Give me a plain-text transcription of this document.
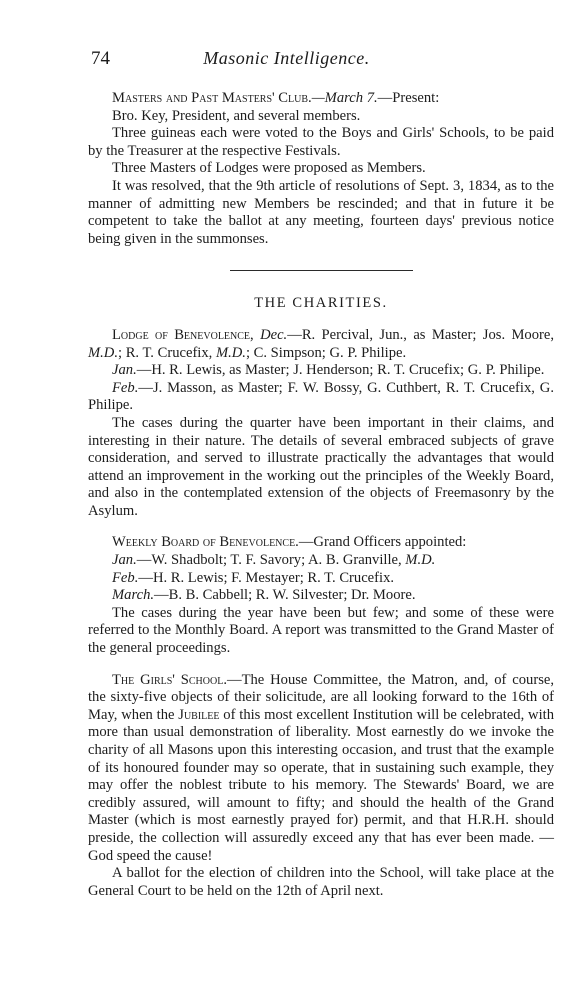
74	Masonic Intelligence.

Masters and Past Masters' Club.—March 7.—Present:

Bro. Key, President, and several members.

Three guineas each were voted to the Boys and Girls' Schools, to be paid by the Treasurer at the respective Festivals.

Three Masters of Lodges were proposed as Members.

It was resolved, that the 9th article of resolutions of Sept. 3, 1834, as to the manner of admitting new Members be rescinded; and that in future it be competent to take the ballot at any meeting, fourteen days' previous notice being given in the summonses.

THE CHARITIES.

Lodge of Benevolence, Dec.—R. Percival, Jun., as Master; Jos. Moore, M.D.; R. T. Crucefix, M.D.; C. Simpson; G. P. Philipe.

Jan.—H. R. Lewis, as Master; J. Henderson; R. T. Crucefix; G. P. Philipe.

Feb.—J. Masson, as Master; F. W. Bossy, G. Cuthbert, R. T. Crucefix, G. Philipe.

The cases during the quarter have been important in their claims, and interesting in their nature. The details of several embraced subjects of grave consideration, and served to illustrate practically the advantages that would attend an improvement in the working out the principles of the Weekly Board, and also in the contemplated extension of the objects of Freemasonry by the Asylum.

Weekly Board of Benevolence.—Grand Officers appointed:

Jan.—W. Shadbolt; T. F. Savory; A. B. Granville, M.D.

Feb.—H. R. Lewis; F. Mestayer; R. T. Crucefix.

March.—B. B. Cabbell; R. W. Silvester; Dr. Moore.

The cases during the year have been but few; and some of these were referred to the Monthly Board. A report was transmitted to the Grand Master of the general proceedings.

The Girls' School.—The House Committee, the Matron, and, of course, the sixty-five objects of their solicitude, are all looking forward to the 16th of May, when the Jubilee of this most excellent Institution will be celebrated, with more than usual demonstration of liberality. Most earnestly do we invoke the charity of all Masons upon this interesting occasion, and trust that the example of its honoured founder may so operate, that in sustaining such example, they may offer the noblest tribute to his memory. The Stewards' Board, we are credibly assured, will amount to fifty; and should the health of the Grand Master (which is most earnestly prayed for) permit, and that H.R.H. should preside, the collection will assuredly exceed any that has ever been made. —God speed the cause!

A ballot for the election of children into the School, will take place at the General Court to be held on the 12th of April next.
